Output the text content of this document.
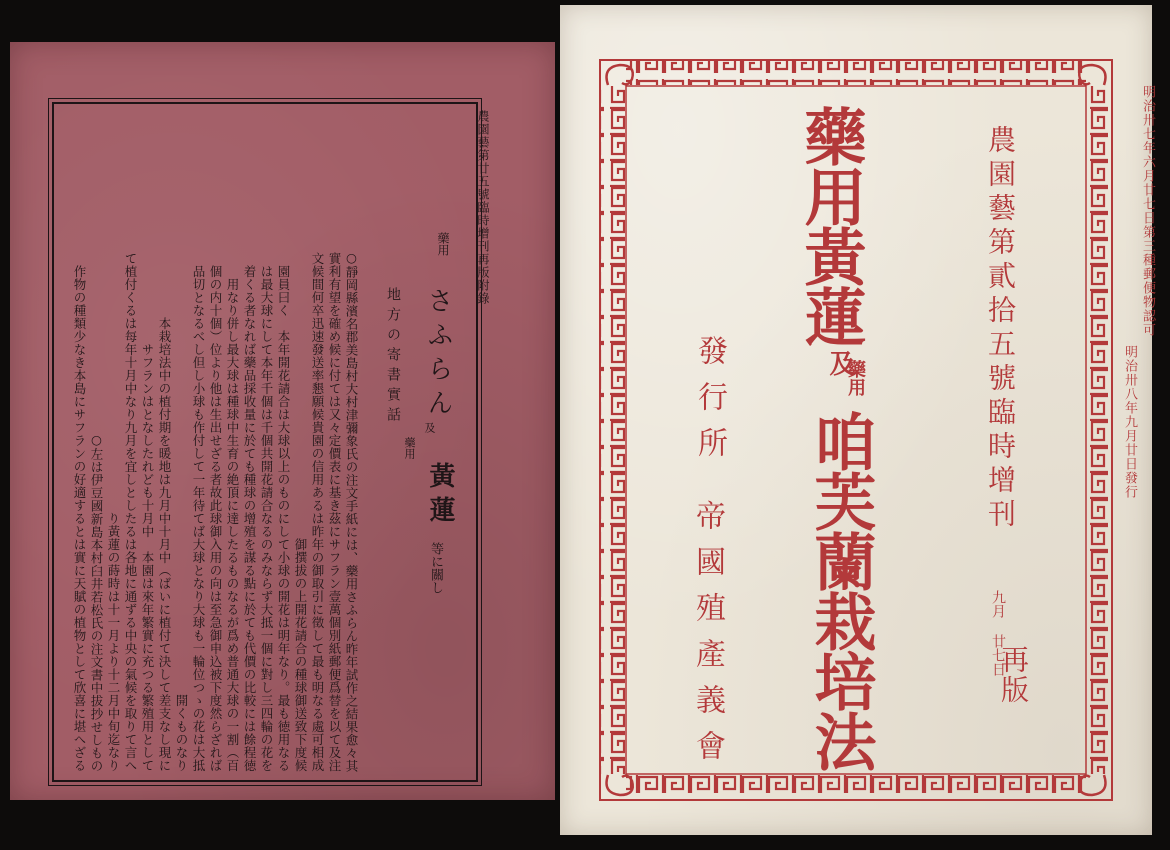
農園藝第廿五號臨時增刊再版附錄
藥用
さふらん
地方の寄書實話
及
藥用
黃蓮
等に關し
○靜岡縣濱名郡美島村大村津彌象氏の注文手紙には、藥用さふらん昨年試作之結果愈々其
實利有望を確め候に付ては又々定價表に基き茲にサフラン壹萬個別紙郵便爲替を以て及注
文候間何卒迅速發送率懇願候貴園の信用あるは昨年の御取引に徵して最も明なる處可相成
御撰拔の上開花請合の種球御送致下度候
園員曰く　本年開花請合は大球以上のものにして小球の開花は明年なり。最も徳用なる
は最大球にして本年千個は千個共開花請合なるのみならず大抵一個に對し三四輪の花を
着くる者なれば藥品採收量に於ても種球の增殖を謀る點に於ても代價の比較には餘程徳
用なり併し最大球は種球中生育の絶頂に達したるものなるが爲め普通大球の一割（百
個の内十個）位より他は生出せざる者故此球御入用の向は至急御申込被下度然らざれば
品切となるべし但し小球も作付して一年待てば大球となり大球も一輪位つゝの花は大抵
開くものなり
本栽培法中の植付期を暖地は九月中十月中（ばいに植付て決して差支なし現に
サフランはとなしたれども十月中　本園は來年繁實に充つる繁殖用として
て植付くるは每年十月中なり九月を宜しとしたるは各地に通ずる中央の氣候を取りて言へ
り黃蓮の蒔時は十一月より十二月中旬迄なり
○左は伊豆國新島本村臼井若松氏の注文書中拔抄せしもの
作物の種類少なき本島にサフランの好適するとは實に天賦の植物として欣喜に堪へざる	農園藝第貳拾五號臨時增刊
藥用黃蓮
及
藥用
咱芙蘭栽培法
發行所
帝國殖產義會	九月 廿七日
再版
明治卅七年六月廿七日第三種郵便物認可
明治卅八年九月廿日發行
